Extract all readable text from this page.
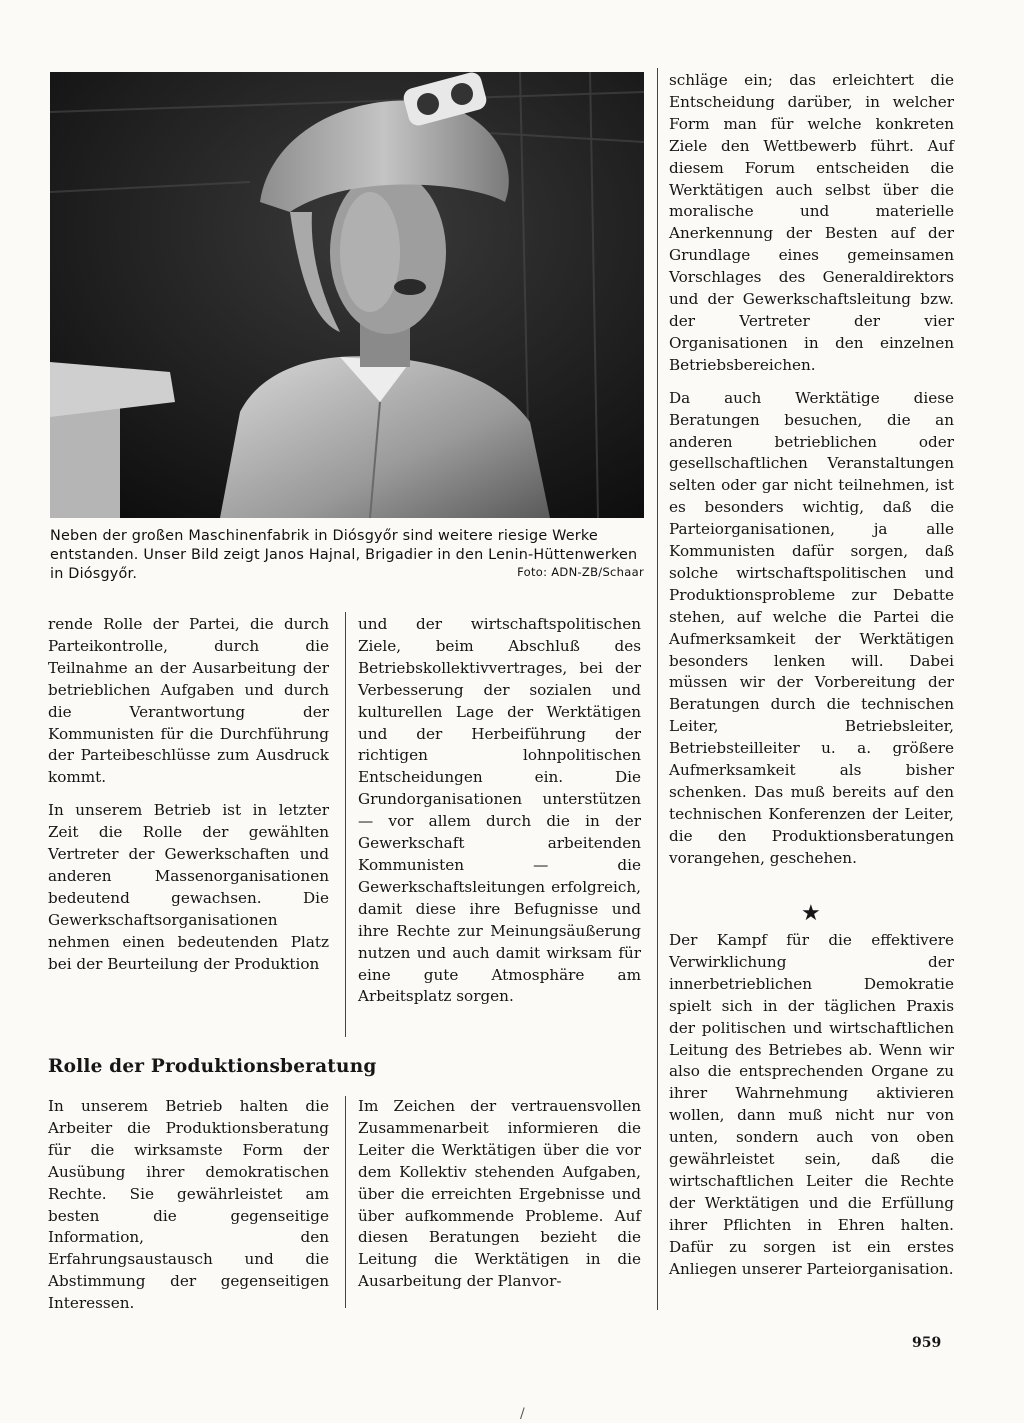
Neben der großen Maschinenfabrik in Diósgyőr sind weitere riesige Werke entstanden. Unser Bild zeigt Janos Hajnal, Brigadier in den Lenin-Hüttenwerken in Diósgyőr.	Foto: ADN-ZB/Schaar

rende Rolle der Partei, die durch Parteikontrolle, durch die Teilnahme an der Ausarbeitung der betrieblichen Aufgaben und durch die Verantwortung der Kommunisten für die Durchführung der Parteibeschlüsse zum Ausdruck kommt.

In unserem Betrieb ist in letzter Zeit die Rolle der gewählten Vertreter der Gewerkschaften und anderen Massenorganisationen bedeutend gewachsen. Die Gewerkschaftsorganisationen nehmen einen bedeutenden Platz bei der Beurteilung der Produktion

und der wirtschaftspolitischen Ziele, beim Abschluß des Betriebskollektivvertrages, bei der Verbesserung der sozialen und kulturellen Lage der Werktätigen und der Herbeiführung der richtigen lohnpolitischen Entscheidungen ein. Die Grundorganisationen unterstützen — vor allem durch die in der Gewerkschaft arbeitenden Kommunisten — die Gewerkschaftsleitungen erfolgreich, damit diese ihre Befugnisse und ihre Rechte zur Meinungsäußerung nutzen und auch damit wirksam für eine gute Atmosphäre am Arbeitsplatz sorgen.

Rolle der Produktionsberatung

In unserem Betrieb halten die Arbeiter die Produktionsberatung für die wirksamste Form der Ausübung ihrer demokratischen Rechte. Sie gewährleistet am besten die gegenseitige Information, den Erfahrungsaustausch und die Abstimmung der gegenseitigen Interessen.

Im Zeichen der vertrauensvollen Zusammenarbeit informieren die Leiter die Werktätigen über die vor dem Kollektiv stehenden Aufgaben, über die erreichten Ergebnisse und über aufkommende Probleme. Auf diesen Beratungen bezieht die Leitung die Werktätigen in die Ausarbeitung der Planvor-

schläge ein; das erleichtert die Entscheidung darüber, in welcher Form man für welche konkreten Ziele den Wettbewerb führt. Auf diesem Forum entscheiden die Werktätigen auch selbst über die moralische und materielle Anerkennung der Besten auf der Grundlage eines gemeinsamen Vorschlages des Generaldirektors und der Gewerkschaftsleitung bzw. der Vertreter der vier Organisationen in den einzelnen Betriebsbereichen.

Da auch Werktätige diese Beratungen besuchen, die an anderen betrieblichen oder gesellschaftlichen Veranstaltungen selten oder gar nicht teilnehmen, ist es besonders wichtig, daß die Parteiorganisationen, ja alle Kommunisten dafür sorgen, daß solche wirtschaftspolitischen und Produktionsprobleme zur Debatte stehen, auf welche die Partei die Aufmerksamkeit der Werktätigen besonders lenken will. Dabei müssen wir der Vorbereitung der Beratungen durch die technischen Leiter, Betriebsleiter, Betriebsteilleiter u. a. größere Aufmerksamkeit als bisher schenken. Das muß bereits auf den technischen Konferenzen der Leiter, die den Produktionsberatungen vorangehen, geschehen.

★

Der Kampf für die effektivere Verwirklichung der innerbetrieblichen Demokratie spielt sich in der täglichen Praxis der politischen und wirtschaftlichen Leitung des Betriebes ab. Wenn wir also die entsprechenden Organe zu ihrer Wahrnehmung aktivieren wollen, dann muß nicht nur von unten, sondern auch von oben gewährleistet sein, daß die wirtschaftlichen Leiter die Rechte der Werktätigen und die Erfüllung ihrer Pflichten in Ehren halten. Dafür zu sorgen ist ein erstes Anliegen unserer Parteiorganisation.

959
/
